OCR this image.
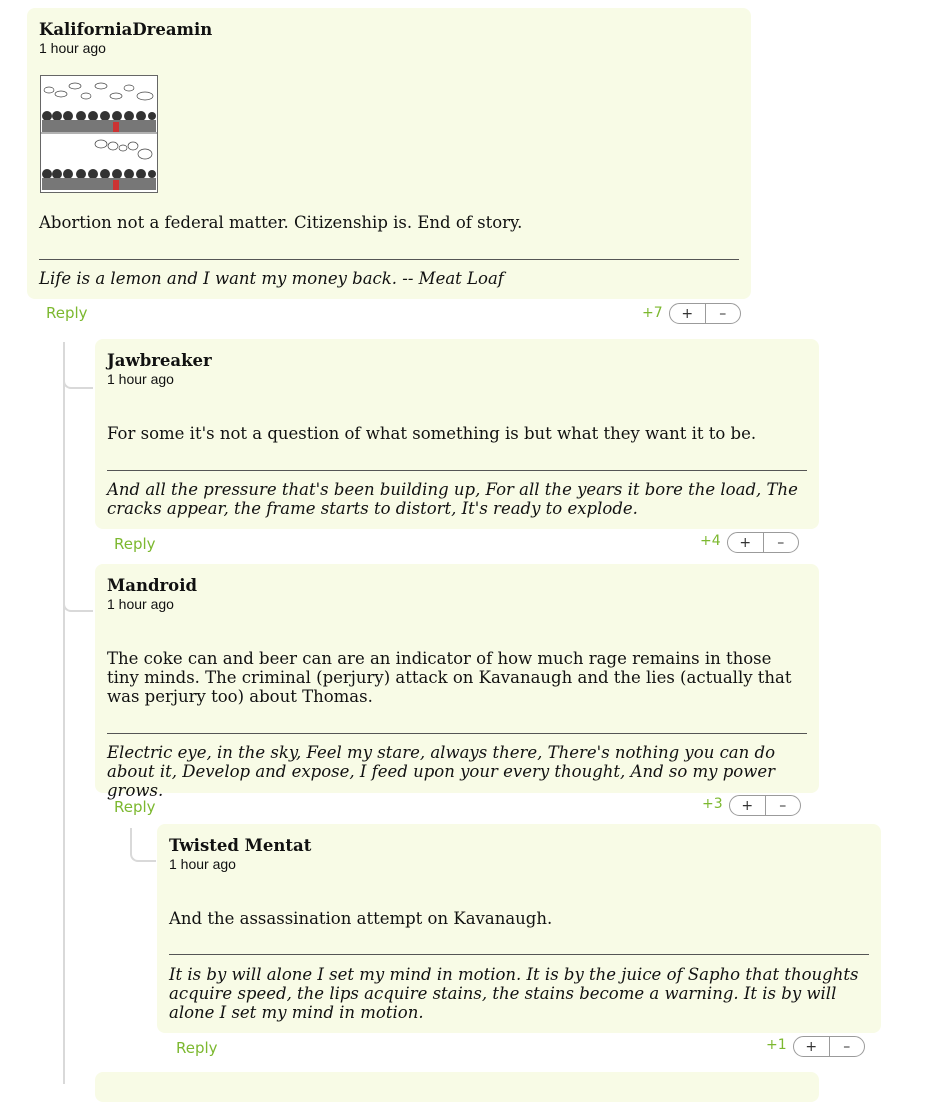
KaliforniaDreamin
1 hour ago

Abortion not a federal matter. Citizenship is. End of story.

Life is a lemon and I want my money back. -- Meat Loaf

Reply	+7	+	–
Jawbreaker
1 hour ago

For some it's not a question of what something is but what they want it to be.

And all the pressure that's been building up, For all the years it bore the load, The cracks appear, the frame starts to distort, It's ready to explode.

Reply	+4	+	–
Mandroid
1 hour ago

The coke can and beer can are an indicator of how much rage remains in those tiny minds. The criminal (perjury) attack on Kavanaugh and the lies (actually that was perjury too) about Thomas.

Electric eye, in the sky, Feel my stare, always there, There's nothing you can do about it, Develop and expose, I feed upon your every thought, And so my power grows.

Reply	+3	+	–
Twisted Mentat
1 hour ago

And the assassination attempt on Kavanaugh.

It is by will alone I set my mind in motion. It is by the juice of Sapho that thoughts acquire speed, the lips acquire stains, the stains become a warning. It is by will alone I set my mind in motion.

Reply	+1	+	–
